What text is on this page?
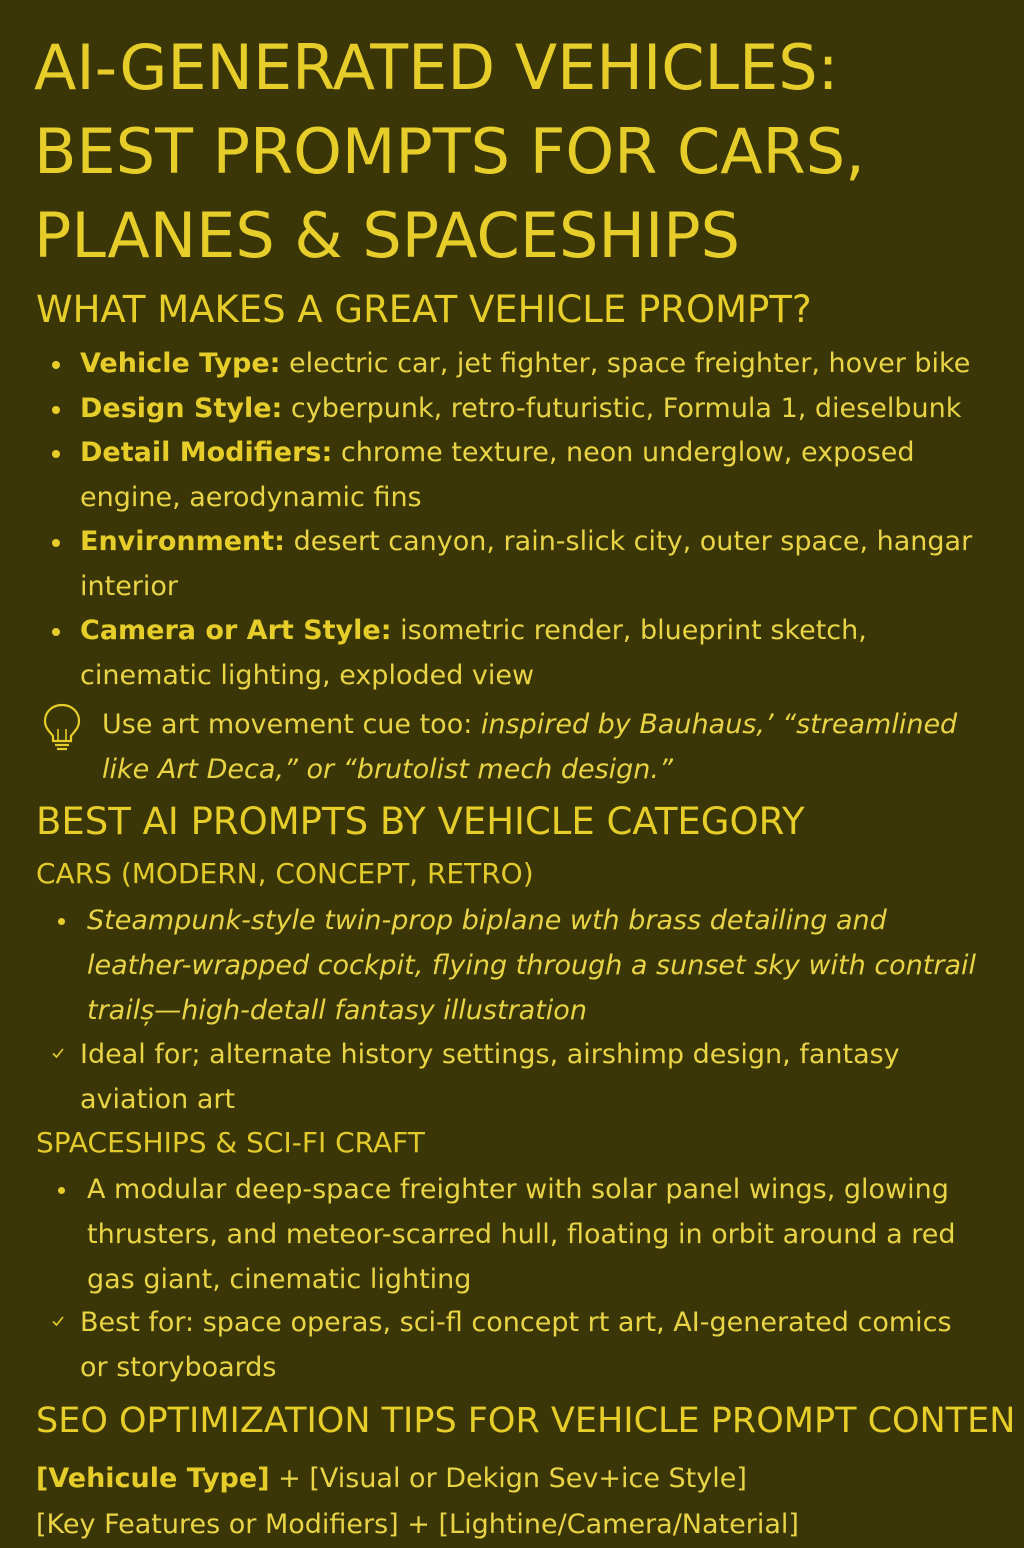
AI-GENERATED VEHICLES:
BEST PROMPTS FOR CARS,
PLANES & SPACESHIPS
WHAT MAKES A GREAT VEHICLE PROMPT?
Vehicle Type: electric car, jet fighter, space freighter, hover bike
Design Style: cyberpunk, retro-futuristic, Formula 1, dieselbunk
Detail Modifiers: chrome texture, neon underglow, exposed engine, aerodynamic fins
Environment: desert canyon, rain-slick city, outer space, hangar interior
Camera or Art Style: isometric render, blueprint sketch, cinematic lighting, exploded view
Use art movement cue too: inspired by Bauhaus,’ “streamlined like Art Deca,” or “brutolist mech design.”
BEST AI PROMPTS BY VEHICLE CATEGORY
CARS (MODERN, CONCEPT, RETRO)
Steampunk-style twin-prop biplane wth brass detailing and leather-wrapped cockpit, flying through a sunset sky with contrail trailș—high-detall fantasy illustration
Ideal for; alternate history settings, airshimp design, fantasy aviation art
SPACESHIPS & SCI-FI CRAFT
A modular deep-space freighter with solar panel wings, glowing thrusters, and meteor-scarred hull, floating in orbit around a red gas giant, cinematic lighting
Best for: space operas, sci-fl concept rt art, AI-generated comics or storyboards
SEO OPTIMIZATION TIPS FOR VEHICLE PROMPT CONTEN
[Vehicule Type] + [Visual or Dekign Sev+ice Style]
[Key Features or Modifiers] + [Lightine/Camera/Naterial]
